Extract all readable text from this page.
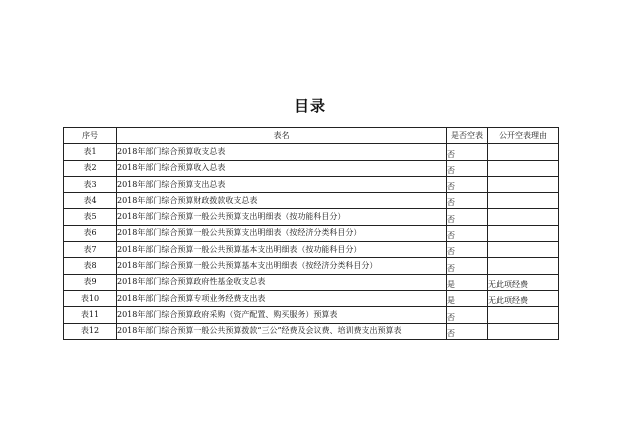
目录
序号	表名	是否空表	公开空表理由
表1	2018年部门综合预算收支总表	否	
表2	2018年部门综合预算收入总表	否	
表3	2018年部门综合预算支出总表	否	
表4	2018年部门综合预算财政拨款收支总表	否	
表5	2018年部门综合预算一般公共预算支出明细表（按功能科目分）	否	
表6	2018年部门综合预算一般公共预算支出明细表（按经济分类科目分）	否	
表7	2018年部门综合预算一般公共预算基本支出明细表（按功能科目分）	否	
表8	2018年部门综合预算一般公共预算基本支出明细表（按经济分类科目分）	否	
表9	2018年部门综合预算政府性基金收支总表	是	无此项经费
表10	2018年部门综合预算专项业务经费支出表	是	无此项经费
表11	2018年部门综合预算政府采购（资产配置、购买服务）预算表	否	
表12	2018年部门综合预算一般公共预算拨款“三公”经费及会议费、培训费支出预算表	否	
